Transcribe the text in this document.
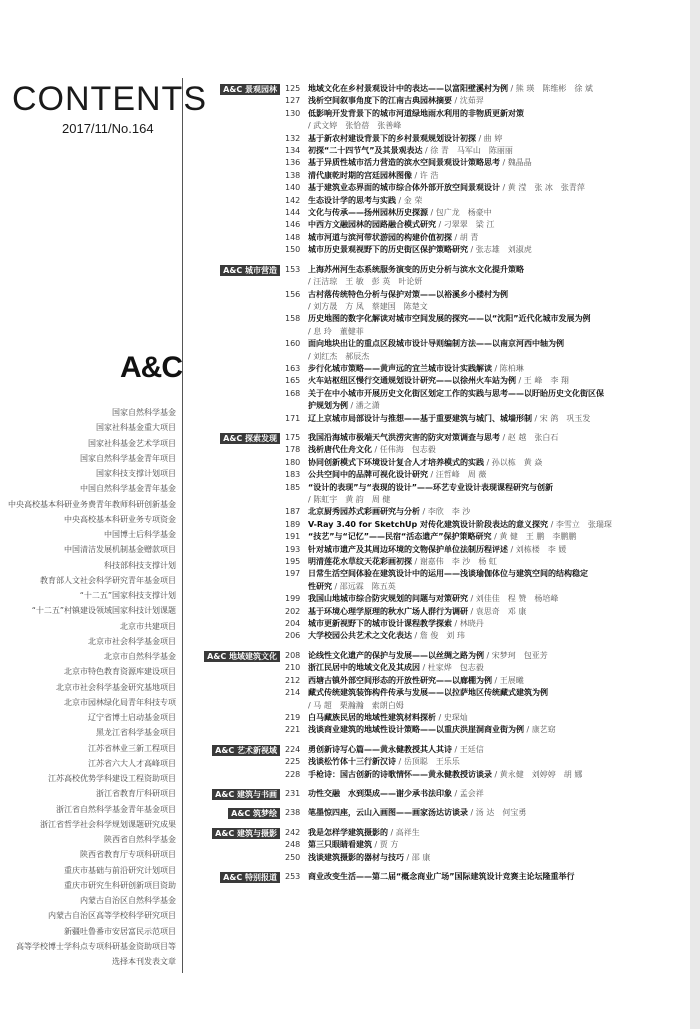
CONTENTS
2017/11/No.164
A&C
国家自然科学基金
国家社科基金重大项目
国家社科基金艺术学项目
国家自然科学基金青年项目
国家科技支撑计划项目
中国自然科学基金青年基金
中央高校基本科研业务费青年教师科研创新基金
中央高校基本科研业务专项资金
中国博士后科学基金
中国清洁发展机制基金赠款项目
科技部科技支撑计划
教育部人文社会科学研究青年基金项目
“十二五”国家科技支撑计划
“十二五”村镇建设领域国家科技计划课题
北京市共建项目
北京市社会科学基金项目
北京市自然科学基金
北京市特色教育资源库建设项目
北京市社会科学基金研究基地项目
北京市园林绿化局青年科技专项
辽宁省博士启动基金项目
黑龙江省科学基金项目
江苏省林业三新工程项目
江苏省六大人才高峰项目
江苏高校优势学科建设工程资助项目
浙江省教育厅科研项目
浙江省自然科学基金青年基金项目
浙江省哲学社会科学规划课题研究成果
陕西省自然科学基金
陕西省教育厅专项科研项目
重庆市基础与前沿研究计划项目
重庆市研究生科研创新项目资助
内蒙古自治区自然科学基金
内蒙古自治区高等学校科学研究项目
新疆吐鲁番市安居富民示范项目
高等学校博士学科点专项科研基金资助项目等
选择本刊发表文章
A&C 景观园林	125 地域文化在乡村景观设计中的表达——以富阳壁溪村为例 / 熊 瑛　陈维彬　徐 斌
127 浅析空间叙事角度下的江南古典园林摘要 / 沈茹羿
130 低影响开发背景下的城市河道绿地雨水利用的非物质更新对策
/ 武文婷　张恰蓓　张善峰
132 基于新农村建设背景下的乡村景观规划设计初探 / 曲 婷
134 初探“二十四节气”及其景观表达 / 徐 青　马军山　陈丽丽
136 基于异质性城市活力营造的滨水空间景观设计策略思考 / 魏晶晶
138 清代康乾时期的宫廷园林图像 / 许 浩
140 基于建筑业态界面的城市综合体外部开放空间景观设计 / 黄 滢　张 冰　张青萍
142 生态设计学的思考与实践 / 金 荣
144 文化与传承——扬州园林历史探源 / 包广龙　杨豪中
146 中西方文融园林的园路融合模式研究 / 刁翠翠　梁 江
148 城市河道与滨河带状游园的构建价值初探 / 胡 青
150 城市历史景观视野下的历史街区保护策略研究 / 张志雄　刘淑虎
A&C 城市营造	153 上海苏州河生态系统服务演变的历史分析与滨水文化提升策略
/ 汪洁琼　王 敏　彭 英　叶论妍
156 古村落传统特色分析与保护对策——以裕溪乡小楼村为例
/ 刘方晟　方 凤　蔡建国　陈楚文
158 历史地图的数字化解读对城市空间发展的探究——以“沈阳”近代化城市发展为例
/ 息 玲　董健菲
160 面向地块出让的重点区段城市设计导则编制方法——以南京河西中轴为例
/ 刘红杰　郝辰杰
163 步行化城市策略——黄声远的宜兰城市设计实践解读 / 陈柏琳
165 火车站枢纽区慢行交通规划设计研究——以徐州火车站为例 / 王 峰　李 翔
168 关于在中小城市开展历史文化街区划定工作的实践与思考——以盱眙历史文化街区保
护规划为例 / 潘之潇
171 辽上京城市局部设计与推想——基于重要建筑与城门、城墙形制 / 宋 鸽　巩玉发
A&C 探索发现	175 我国沿海城市极端天气洪涝灾害的防灾对策调查与思考 / 赵 越　张白石
178 浅析唐代仕舟文化 / 任伟海　包志毅
180 协同创新模式下环境设计复合人才培养模式的实践 / 孙以栋　黄 焱
183 公共空间中的品牌可视化设计研究 / 汪哲峰　周 薇
185 “设计的表现”与“表现的设计”——环艺专业设计表现课程研究与创新
/ 陈虹宇　黄 韵　周 健
187 北京厨秀园苏式彩画研究与分析 / 李欣　李 沙
189 V-Ray 3.40 for SketchUp 对传化建筑设计阶段表达的意义探究 / 李雪立　张瑞琛
191 “技艺”与“记忆”——民宿“活态遗产”保护策略研究 / 黄 健　王 鹏　李鹏鹏
193 针对城市遗产及其周边环境的文物保护单位法制历程评述 / 刘栋楼　李 媛
195 明清莲花水草纹天花彩画初探 / 谢嘉伟　李 沙　杨 虹
197 日常生活空间体验在建筑设计中的运用——浅谈瑜伽体位与建筑空间的结构稳定
性研究 / 邵远霖　陈五英
199 我国山地城市综合防灾规划的问题与对策研究 / 刘佳佳　程 赞　杨培峰
202 基于环境心理学原理的秋水广场人群行为调研 / 袁思奇　邓 康
204 城市更新视野下的城市设计课程教学探索 / 林晓丹
206 大学校园公共艺术之文化表达 / 詹 俊　刘 玮
A&C 地域建筑文化	208 论线性文化遗产的保护与发展——以丝绸之路为例 / 宋梦珂　包亚芳
210 浙江民居中的地域文化及其成因 / 杜家烨　包志毅
212 西塘古镇外部空间形态的开放性研究——以廊棚为例 / 王展曦
214 藏式传统建筑装饰构件传承与发展——以拉萨地区传统藏式建筑为例
/ 马 超　栗瀚瀚　索朗白姆
219 白马藏族民居的地域性建筑材料探析 / 史琛灿
221 浅谈商业建筑的地域性设计策略——以重庆洪崖洞商业街为例 / 康艺窈
A&C 艺术新视域	224 勇创新诗写心篇——黄永健教授其人其诗 / 王廷信
225 浅谈松竹体十三行新汉诗 / 岳顶聪　王乐乐
228 手枪诗：国古创新的诗歌情怀——黄永健教授访谈录 / 黄永健　刘婷婷　胡 娜
A&C 建筑与书画	231 功性交融　水到渠成——谢少承书法印象 / 孟会祥
A&C 筑梦绘	238 笔墨惊四座，云山入画图——画家汤达访谈录 / 汤 达　何宝勇
A&C 建筑与摄影	242 我是怎样学建筑摄影的 / 高祥生
248 第三只眼睛看建筑 / 贾 方
250 浅谈建筑摄影的器材与技巧 / 邵 康
A&C 特别报道	253 商业改变生活——第二届“概念商业广场”国际建筑设计竞赛主论坛隆重举行
